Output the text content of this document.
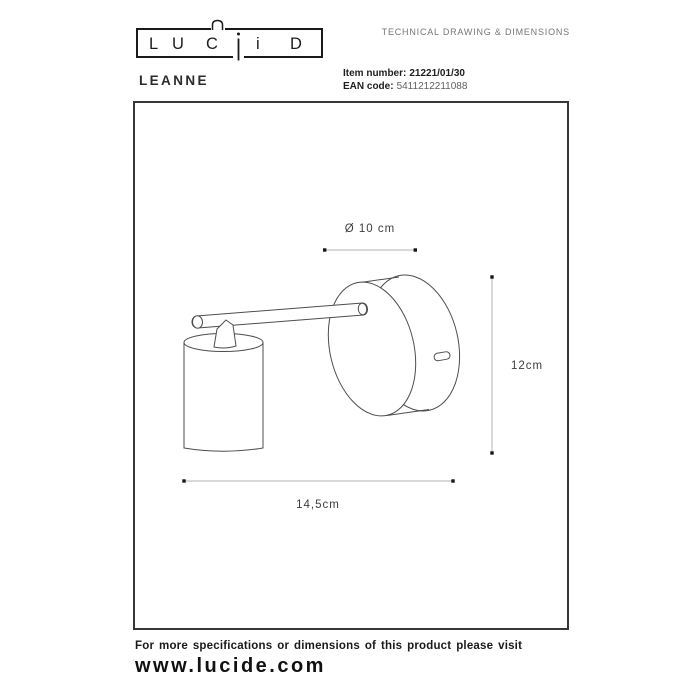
L U C i D
LEANNE
TECHNICAL DRAWING & DIMENSIONS
Item number: 21221/01/30
EAN code: 5411212211088
Ø 10 cm
12cm
14,5cm
For more specifications or dimensions of this product please visit
www.lucide.com
